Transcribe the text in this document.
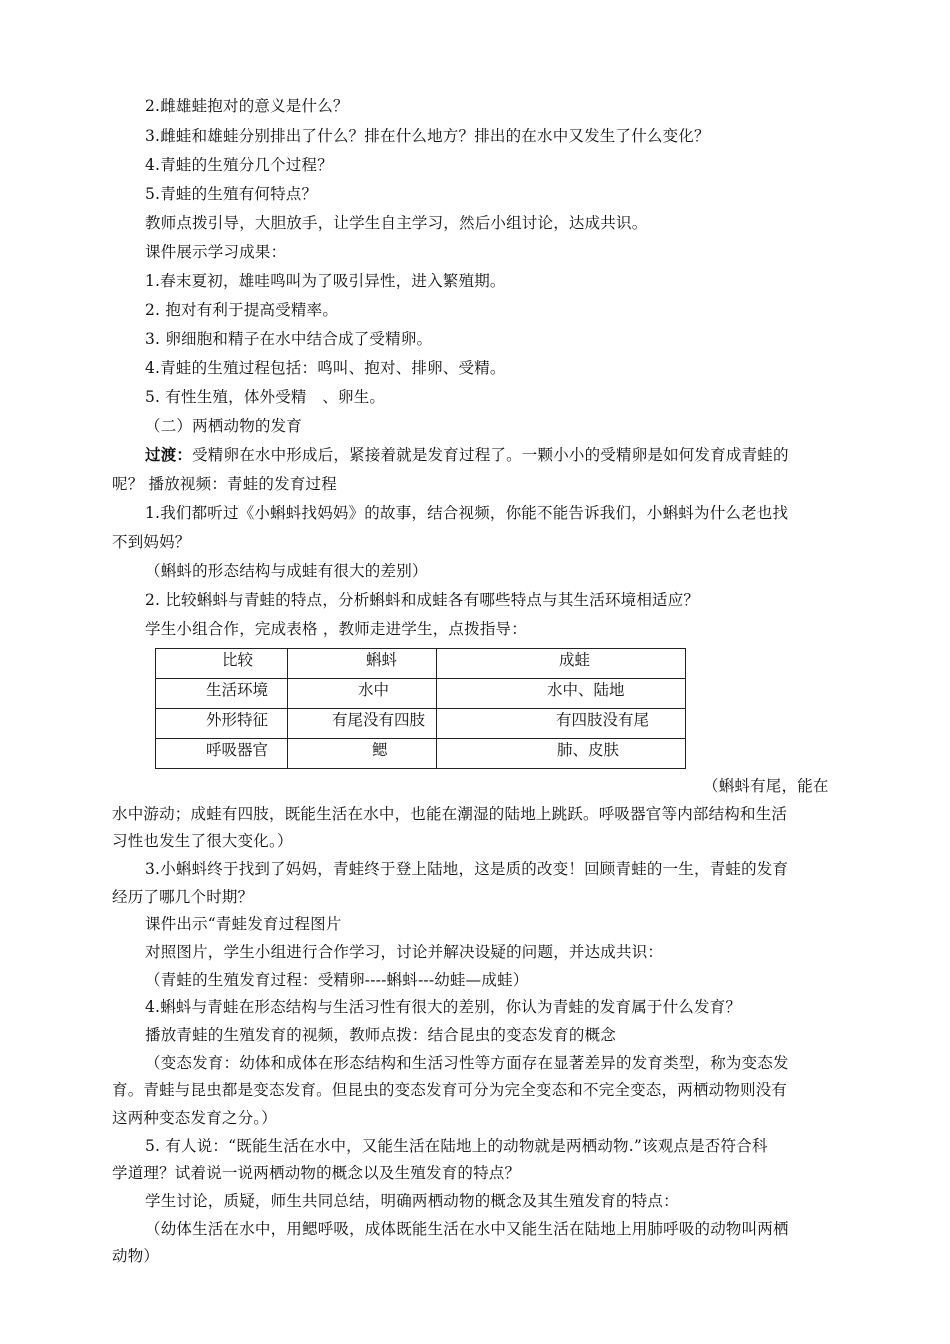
2.雌雄蛙抱对的意义是什么？
3.雌蛙和雄蛙分别排出了什么？排在什么地方？排出的在水中又发生了什么变化？
4.青蛙的生殖分几个过程？
5.青蛙的生殖有何特点？
教师点拨引导，大胆放手，让学生自主学习，然后小组讨论，达成共识。
课件展示学习成果：
1.春末夏初，雄哇鸣叫为了吸引异性，进入繁殖期。
2. 抱对有利于提高受精率。
3. 卵细胞和精子在水中结合成了受精卵。
4.青蛙的生殖过程包括：鸣叫、抱对、排卵、受精。
5. 有性生殖，体外受精　、卵生。
（二）两栖动物的发育
过渡：受精卵在水中形成后，紧接着就是发育过程了。一颗小小的受精卵是如何发育成青蛙的
呢？ 播放视频：青蛙的发育过程
1.我们都听过《小蝌蚪找妈妈》的故事，结合视频，你能不能告诉我们，小蝌蚪为什么老也找
不到妈妈？
（蝌蚪的形态结构与成蛙有很大的差别）
2. 比较蝌蚪与青蛙的特点，分析蝌蚪和成蛙各有哪些特点与其生活环境相适应？
学生小组合作，完成表格 ，教师走进学生，点拨指导：
比较	蝌蚪	成蛙

生活环境	水中	水中、陆地

外形特征	有尾没有四肢	有四肢没有尾

呼吸器官	鳃	肺、皮肤
（蝌蚪有尾，能在
水中游动；成蛙有四肢，既能生活在水中，也能在潮湿的陆地上跳跃。呼吸器官等内部结构和生活
习性也发生了很大变化。）
3.小蝌蚪终于找到了妈妈，青蛙终于登上陆地，这是质的改变！回顾青蛙的一生，青蛙的发育
经历了哪几个时期？
课件出示“青蛙发育过程图片
对照图片，学生小组进行合作学习，讨论并解决设疑的问题，并达成共识：
（青蛙的生殖发育过程：受精卵----蝌蚪---幼蛙—成蛙）
4.蝌蚪与青蛙在形态结构与生活习性有很大的差别，你认为青蛙的发育属于什么发育？
播放青蛙的生殖发育的视频，教师点拨：结合昆虫的变态发育的概念
（变态发育：幼体和成体在形态结构和生活习性等方面存在显著差异的发育类型，称为变态发
育。青蛙与昆虫都是变态发育。但昆虫的变态发育可分为完全变态和不完全变态，两栖动物则没有
这两种变态发育之分。）
5. 有人说：“既能生活在水中，又能生活在陆地上的动物就是两栖动物.”该观点是否符合科
学道理？试着说一说两栖动物的概念以及生殖发育的特点？
学生讨论，质疑，师生共同总结，明确两栖动物的概念及其生殖发育的特点：
（幼体生活在水中，用鳃呼吸，成体既能生活在水中又能生活在陆地上用肺呼吸的动物叫两栖
动物）
